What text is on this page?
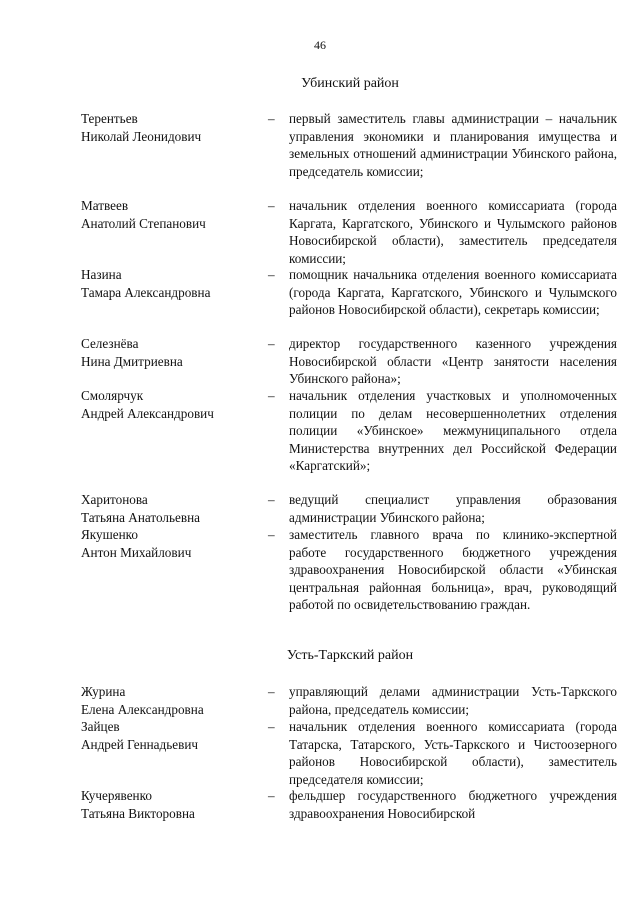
46
Убинский район
Терентьев
Николай Леонидович
– первый заместитель главы администрации – начальник управления экономики и планирования имущества и земельных отношений администрации Убинского района, председатель комиссии;
Матвеев
Анатолий Степанович
– начальник отделения военного комиссариата (города Каргата, Каргатского, Убинского и Чулымского районов Новосибирской области), заместитель председателя комиссии;
Назина
Тамара Александровна
– помощник начальника отделения военного комиссариата (города Каргата, Каргатского, Убинского и Чулымского районов Новосибирской области), секретарь комиссии;
Селезнёва
Нина Дмитриевна
– директор государственного казенного учреждения Новосибирской области «Центр занятости населения Убинского района»;
Смолярчук
Андрей Александрович
– начальник отделения участковых и уполномоченных полиции по делам несовершеннолетних отделения полиции «Убинское» межмуниципального отдела Министерства внутренних дел Российской Федерации «Каргатский»;
Харитонова
Татьяна Анатольевна
– ведущий специалист управления образования администрации Убинского района;
Якушенко
Антон Михайлович
– заместитель главного врача по клинико-экспертной работе государственного бюджетного учреждения здравоохранения Новосибирской области «Убинская центральная районная больница», врач, руководящий работой по освидетельствованию граждан.
Усть-Таркский район
Журина
Елена Александровна
– управляющий делами администрации Усть-Таркского района, председатель комиссии;
Зайцев
Андрей Геннадьевич
– начальник отделения военного комиссариата (города Татарска, Татарского, Усть-Таркского и Чистоозерного районов Новосибирской области), заместитель председателя комиссии;
Кучерявенко
Татьяна Викторовна
– фельдшер государственного бюджетного учреждения здравоохранения Новосибирской
